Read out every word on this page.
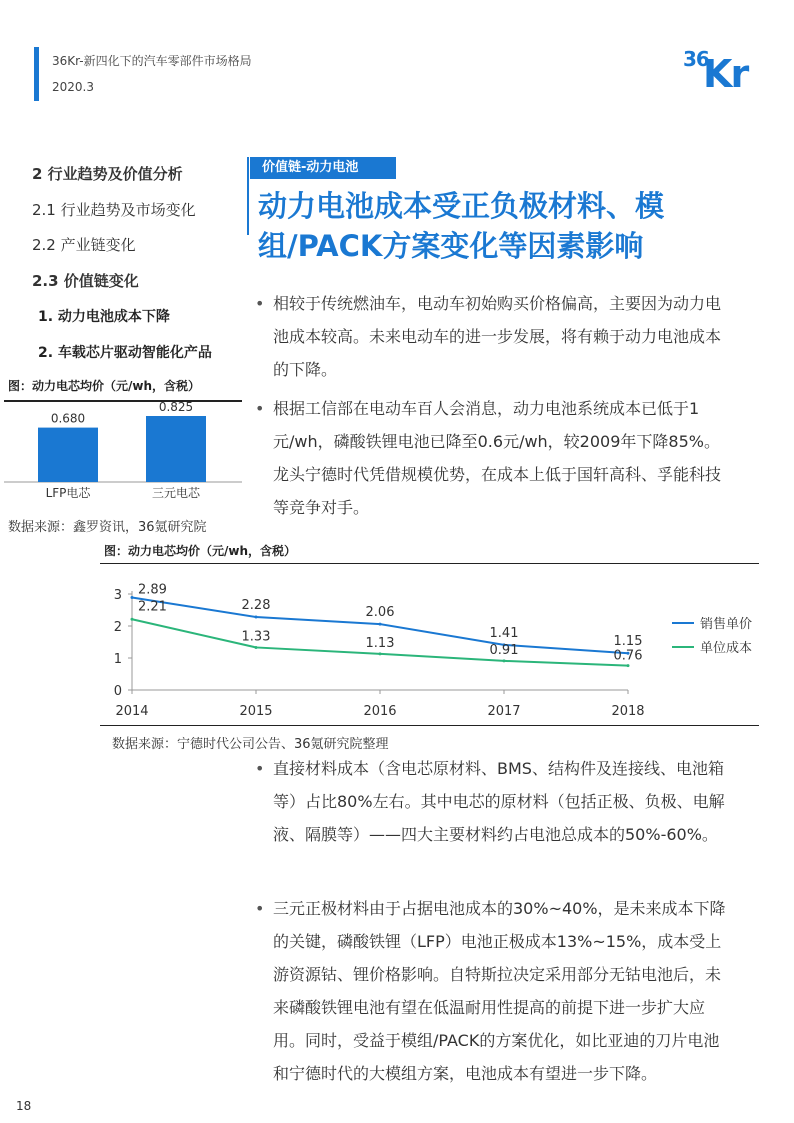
36Kr-新四化下的汽车零部件市场格局
2020.3
36
Kr
2 行业趋势及价值分析
2.1 行业趋势及市场变化
2.2 产业链变化
2.3 价值链变化
1. 动力电池成本下降
2. 车载芯片驱动智能化产品
价值链-动力电池
动力电池成本受正负极材料、模组/PACK方案变化等因素影响
• 相较于传统燃油车，电动车初始购买价格偏高，主要因为动力电池成本较高。未来电动车的进一步发展，将有赖于动力电池成本的下降。
• 根据工信部在电动车百人会消息，动力电池系统成本已低于1元/wh，磷酸铁锂电池已降至0.6元/wh，较2009年下降85%。龙头宁德时代凭借规模优势，在成本上低于国轩高科、孚能科技等竞争对手。
• 直接材料成本（含电芯原材料、BMS、结构件及连接线、电池箱等）占比80%左右。其中电芯的原材料（包括正极、负极、电解液、隔膜等）——四大主要材料约占电池总成本的50%-60%。
• 三元正极材料由于占据电池成本的30%~40%，是未来成本下降的关键，磷酸铁锂（LFP）电池正极成本13%~15%，成本受上游资源钴、锂价格影响。自特斯拉决定采用部分无钴电池后，未来磷酸铁锂电池有望在低温耐用性提高的前提下进一步扩大应用。同时，受益于模组/PACK的方案优化，如比亚迪的刀片电池和宁德时代的大模组方案，电池成本有望进一步下降。
图：动力电芯均价（元/wh，含税）
0.680
LFP电芯
0.825
三元电芯
数据来源：鑫罗资讯，36氪研究院
图：动力电芯均价（元/wh，含税）
0
1
2
3
2014	2015	2016	2017	2018
2.89
2.28	2.06
1.41
1.15
2.21
1.33	1.13	0.91	0.76
销售单价
单位成本
数据来源：宁德时代公司公告、36氪研究院整理
18
